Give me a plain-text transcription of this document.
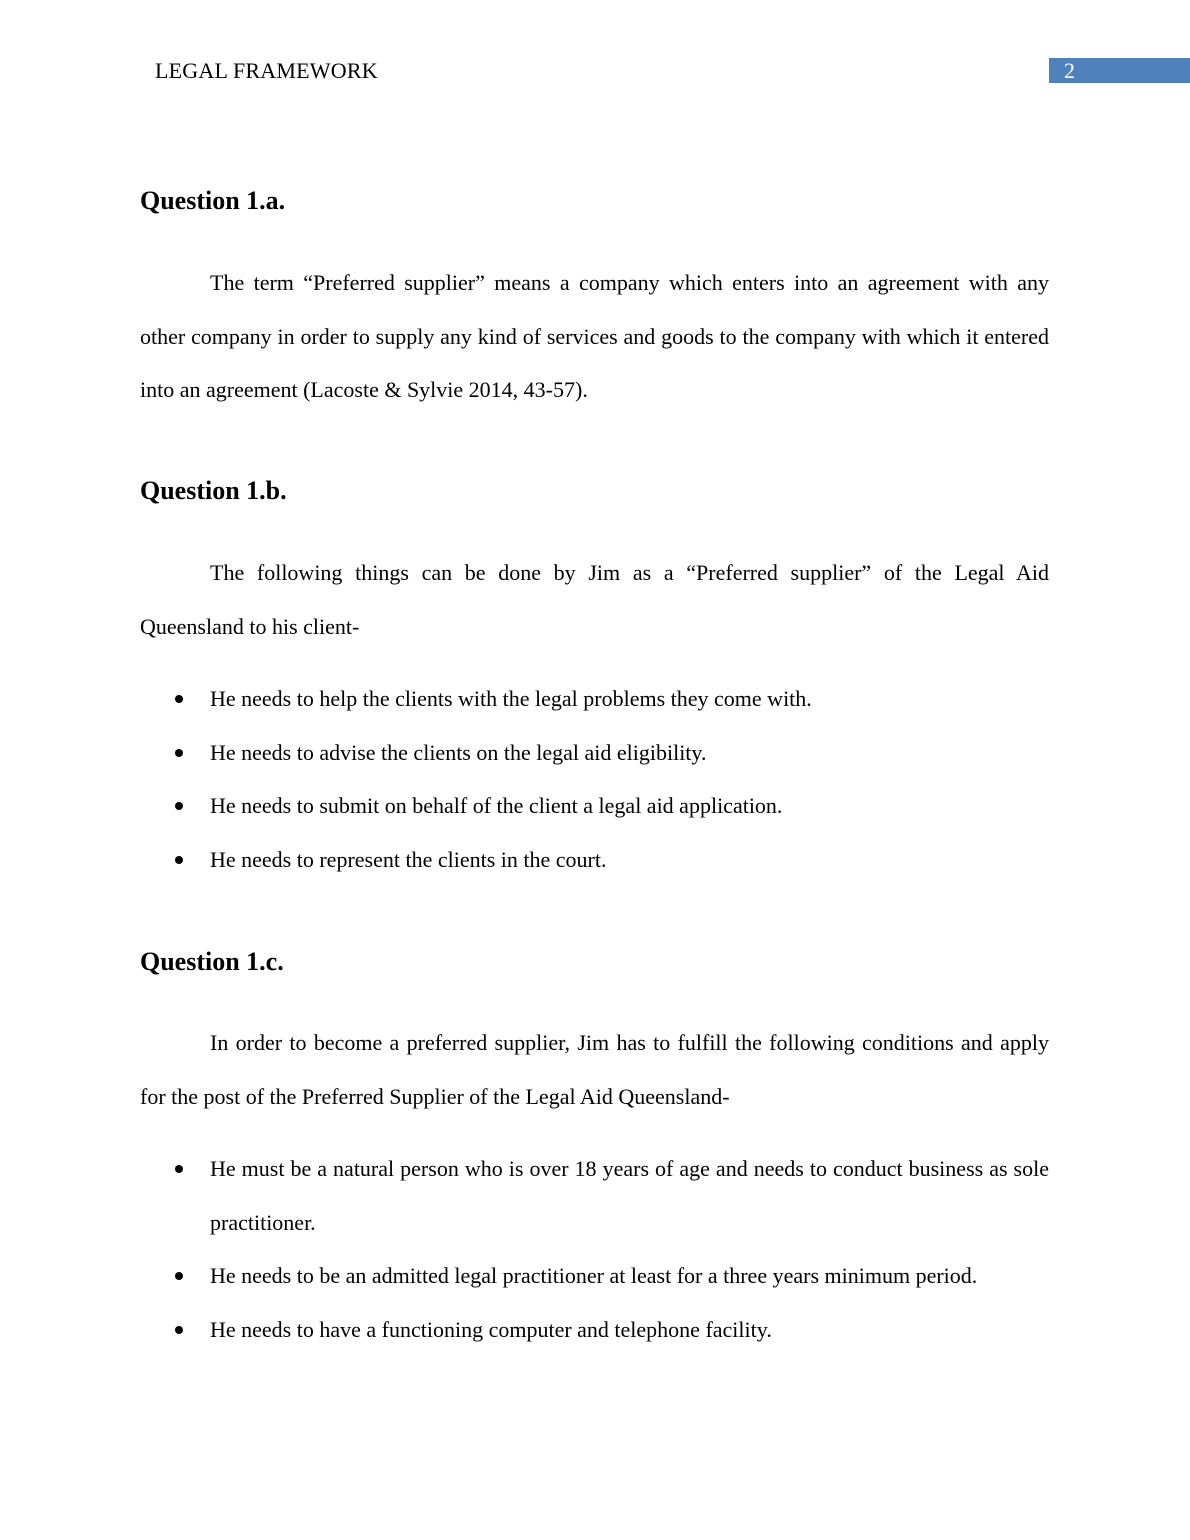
LEGAL FRAMEWORK	2
Question 1.a.

The term “Preferred supplier” means a company which enters into an agreement with any other company in order to supply any kind of services and goods to the company with which it entered into an agreement (Lacoste & Sylvie 2014, 43-57).

Question 1.b.

The following things can be done by Jim as a “Preferred supplier” of the Legal Aid Queensland to his client-

He needs to help the clients with the legal problems they come with.
He needs to advise the clients on the legal aid eligibility.
He needs to submit on behalf of the client a legal aid application.
He needs to represent the clients in the court.
Question 1.c.

In order to become a preferred supplier, Jim has to fulfill the following conditions and apply for the post of the Preferred Supplier of the Legal Aid Queensland-

He must be a natural person who is over 18 years of age and needs to conduct business as sole practitioner.
He needs to be an admitted legal practitioner at least for a three years minimum period.
He needs to have a functioning computer and telephone facility.
